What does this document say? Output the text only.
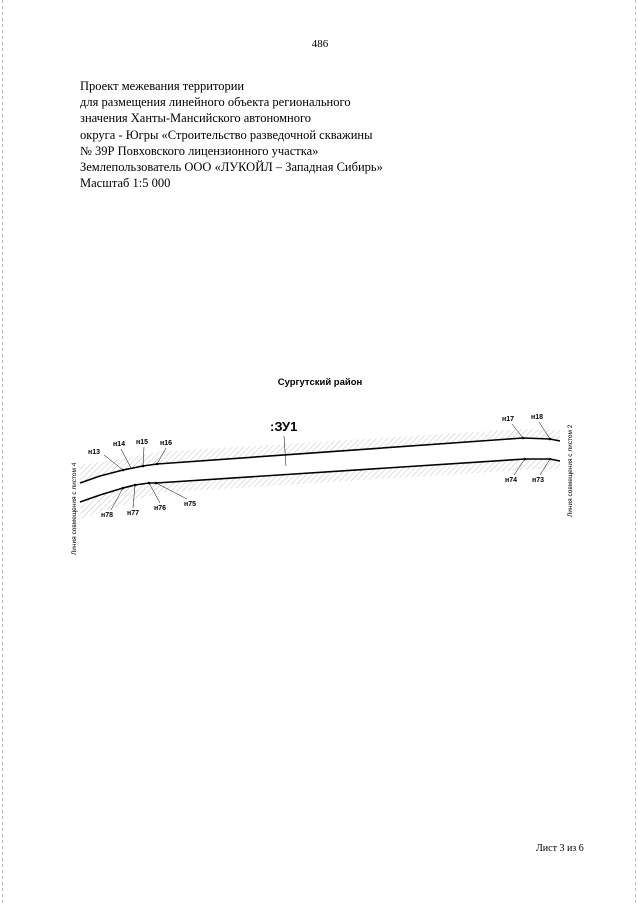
486
Проект межевания территории
для размещения линейного объекта регионального
значения Ханты-Мансийского автономного
округа - Югры «Строительство разведочной скважины
№ 39Р Повховского лицензионного участка»
Землепользователь ООО «ЛУКОЙЛ – Западная Сибирь»
Масштаб 1:5 000
Сургутский район
н13
н14 н15 н16
н17 н18
н78 н77
н76
н75
н74 н73
:ЗУ1
Линия совмещения с листом 4	Линия совмещения с листом 2
Лист 3 из 6
